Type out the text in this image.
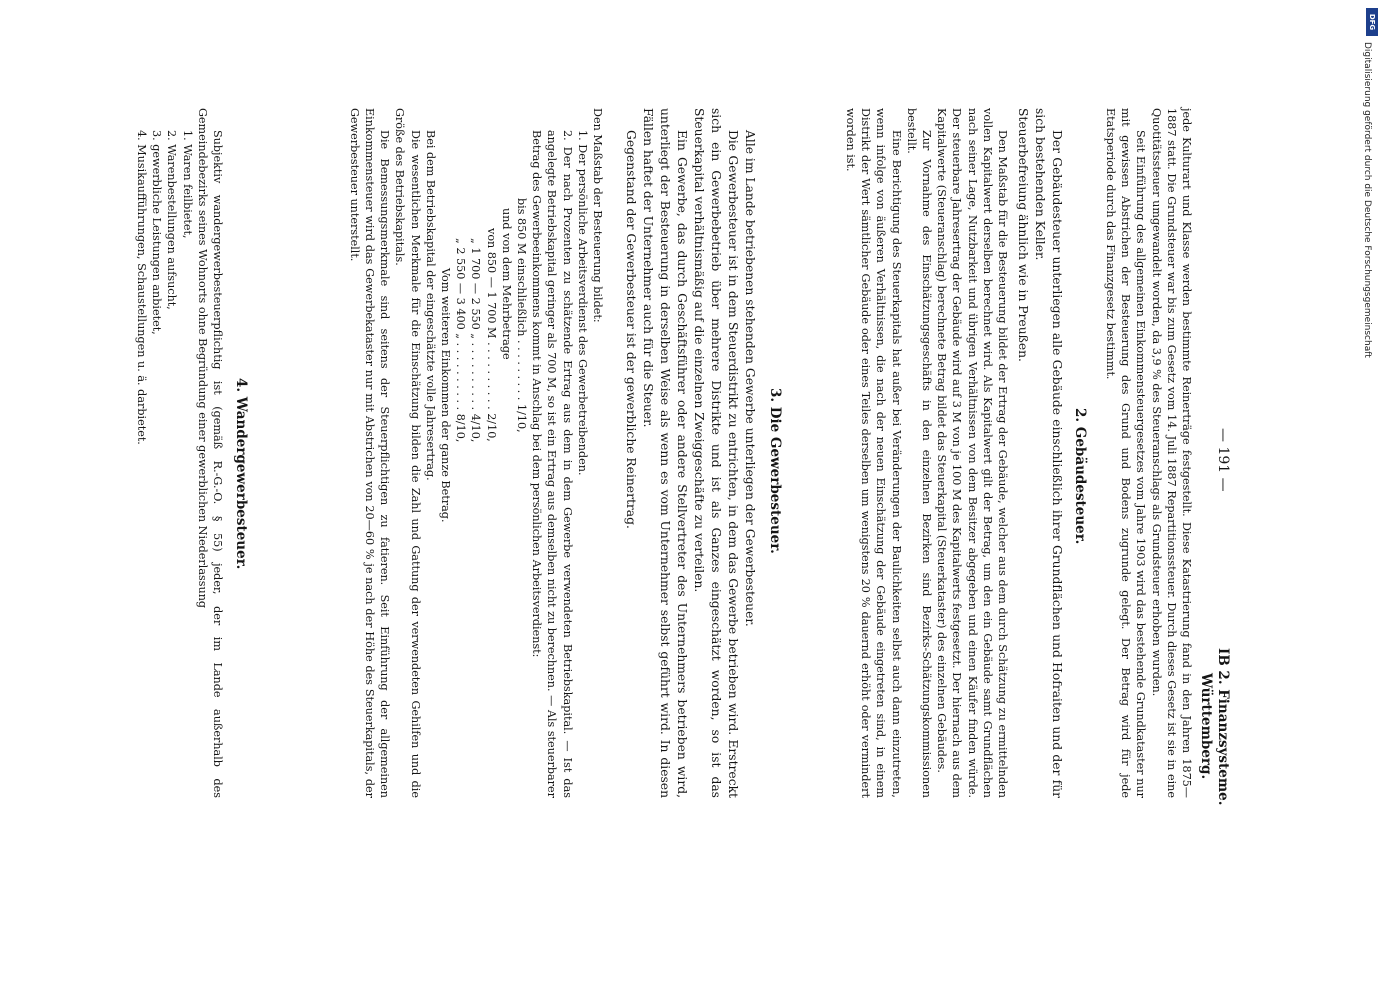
DFG
Digitalisierung gefördert durch die Deutsche Forschungsgemeinschaft
— 191 —
IB 2. Finanzsysteme.
Württemberg.

jede Kulturart und Klasse werden bestimmte Reinerträge festgestellt. Diese Katastrierung fand in den Jahren 1875—1887 statt. Die Grundsteuer war bis zum Gesetz vom 14. Juli 1887 Repartitionssteuer. Durch dieses Gesetz ist sie in eine Quotitätssteuer umgewandelt worden, da 3,9 % des Steueranschlags als Grundsteuer erhoben wurden.

Seit Einführung des allgemeinen Einkommensteuergesetzes vom Jahre 1903 wird das bestehende Grundkataster nur mit gewissen Abstrichen der Besteuerung des Grund und Bodens zugrunde gelegt. Der Betrag wird für jede Etatsperiode durch das Finanzgesetz bestimmt.

2. Gebäudesteuer.

Der Gebäudesteuer unterliegen alle Gebäude einschließlich ihrer Grundflächen und Hofraiten und der für sich bestehenden Keller.

Steuerbefreiung ähnlich wie in Preußen.

Den Maßstab für die Besteuerung bildet der Ertrag der Gebäude, welcher aus dem durch Schätzung zu ermittelnden vollen Kapitalwert derselben berechnet wird. Als Kapitalwert gilt der Betrag, um den ein Gebäude samt Grundflächen nach seiner Lage, Nutzbarkeit und übrigen Verhältnissen von dem Besitzer abgegeben und einen Käufer finden würde. Der steuerbare Jahresertrag der Gebäude wird auf 3 M von je 100 M des Kapitalwerts festgesetzt. Der hiernach aus dem Kapitalwerte (Steueranschlag) berechnete Betrag bildet das Steuerkapital (Steuerkataster) des einzelnen Gebäudes.

Zur Vornahme des Einschätzungsgeschäfts in den einzelnen Bezirken sind Bezirks-Schätzungskommissionen bestellt.

Eine Berichtigung des Steuerkapitals hat außer bei Veränderungen der Baulichkeiten selbst auch dann einzutreten, wenn infolge von äußeren Verhältnissen, die nach der neuen Einschätzung der Gebäude eingetreten sind, in einem Distrikt der Wert sämtlicher Gebäude oder eines Teiles derselben um wenigstens 20 % dauernd erhöht oder vermindert worden ist.

3. Die Gewerbesteuer.

Alle im Lande betriebenen stehenden Gewerbe unterliegen der Gewerbesteuer.

Die Gewerbesteuer ist in dem Steuerdistrikt zu entrichten, in dem das Gewerbe betrieben wird. Erstreckt sich ein Gewerbebetrieb über mehrere Distrikte und ist als Ganzes eingeschätzt worden, so ist das Steuerkapital verhältnismäßig auf die einzelnen Zweiggeschäfte zu verteilen.

Ein Gewerbe, das durch Geschäftsführer oder andere Stellvertreter des Unternehmers betrieben wird, unterliegt der Besteuerung in derselben Weise als wenn es vom Unternehmer selbst geführt wird. In diesen Fällen haftet der Unternehmer auch für die Steuer.

Gegenstand der Gewerbesteuer ist der gewerbliche Reinertrag.

Den Maßstab der Besteuerung bildet:

1. Der persönliche Arbeitsverdienst des Gewerbetreibenden.

2. Der nach Prozenten zu schätzende Ertrag aus dem in dem Gewerbe verwendeten Betriebskapital. — Ist das angelegte Betriebskapital geringer als 700 M, so ist ein Ertrag aus demselben nicht zu berechnen. — Als steuerbarer Betrag des Gewerbeeinkommens kommt in Anschlag bei dem persönlichen Arbeitsverdienst:

bis 850 M einschließlich . . . . . . . . . 1/10,

und von dem Mehrbetrage

von 850 — 1 700 M . . . . . . . . . . 2/10,

„ 1 700 — 2 550 „ . . . . . . . . . . 4/10,

„ 2 550 — 3 400 „ . . . . . . . . . . 8/10,

Vom weiteren Einkommen der ganze Betrag.

Bei dem Betriebskapital der eingeschätzte volle Jahresertrag.

Die wesentlichen Merkmale für die Einschätzung bilden die Zahl und Gattung der verwendeten Gehilfen und die Größe des Betriebskapitals.

Die Bemessungsmerkmale sind seitens der Steuerpflichtigen zu fatieren. Seit Einführung der allgemeinen Einkommensteuer wird das Gewerbekataster nur mit Abstrichen von 20—60 % je nach der Höhe des Steuerkapitals, der Gewerbesteuer unterstellt.

4. Wandergewerbesteuer.

Subjektiv wandergewerbesteuerpflichtig ist (gemäß R.-G.-O. § 55) jeder, der im Lande außerhalb des Gemeindebezirks seines Wohnorts ohne Begründung einer gewerblichen Niederlassung

1. Waren feilbietet,

2. Warenbestellungen aufsucht,

3. gewerbliche Leistungen anbietet,

4. Musikaufführungen, Schaustellungen u. ä. darbietet.
